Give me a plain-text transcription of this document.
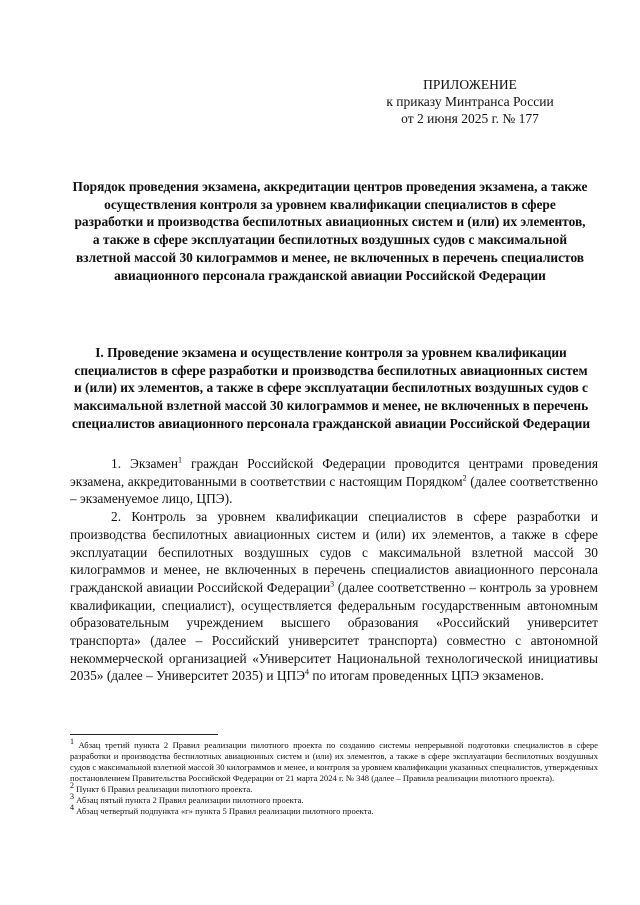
ПРИЛОЖЕНИЕ
к приказу Минтранса России
от 2 июня 2025 г. № 177
Порядок проведения экзамена, аккредитации центров проведения экзамена, а также осуществления контроля за уровнем квалификации специалистов в сфере разработки и производства беспилотных авиационных систем и (или) их элементов, а также в сфере эксплуатации беспилотных воздушных судов с максимальной взлетной массой 30 килограммов и менее, не включенных в перечень специалистов авиационного персонала гражданской авиации Российской Федерации
I. Проведение экзамена и осуществление контроля за уровнем квалификации специалистов в сфере разработки и производства беспилотных авиационных систем и (или) их элементов, а также в сфере эксплуатации беспилотных воздушных судов с максимальной взлетной массой 30 килограммов и менее, не включенных в перечень специалистов авиационного персонала гражданской авиации Российской Федерации

1. Экзамен$^1$ граждан Российской Федерации проводится центрами проведения экзамена, аккредитованными в соответствии с настоящим Порядком$^2$ (далее соответственно – экзаменуемое лицо, ЦПЭ).

2. Контроль за уровнем квалификации специалистов в сфере разработки и производства беспилотных авиационных систем и (или) их элементов, а также в сфере эксплуатации беспилотных воздушных судов с максимальной взлетной массой 30 килограммов и менее, не включенных в перечень специалистов авиационного персонала гражданской авиации Российской Федерации$^3$ (далее соответственно – контроль за уровнем квалификации, специалист), осуществляется федеральным государственным автономным образовательным учреждением высшего образования «Российский университет транспорта» (далее – Российский университет транспорта) совместно с автономной некоммерческой организацией «Университет Национальной технологической инициативы 2035» (далее – Университет 2035) и ЦПЭ$^4$ по итогам проведенных ЦПЭ экзаменов.

$^1$ Абзац третий пункта 2 Правил реализации пилотного проекта по созданию системы непрерывной подготовки специалистов в сфере разработки и производства беспилотных авиационных систем и (или) их элементов, а также в сфере эксплуатации беспилотных воздушных судов с максимальной взлетной массой 30 килограммов и менее, и контроля за уровнем квалификации указанных специалистов, утвержденных постановлением Правительства Российской Федерации от 21 марта 2024 г. № 348 (далее – Правила реализации пилотного проекта).

$^2$ Пункт 6 Правил реализации пилотного проекта.

$^3$ Абзац пятый пункта 2 Правил реализации пилотного проекта.

$^4$ Абзац четвертый подпункта «г» пункта 5 Правил реализации пилотного проекта.
